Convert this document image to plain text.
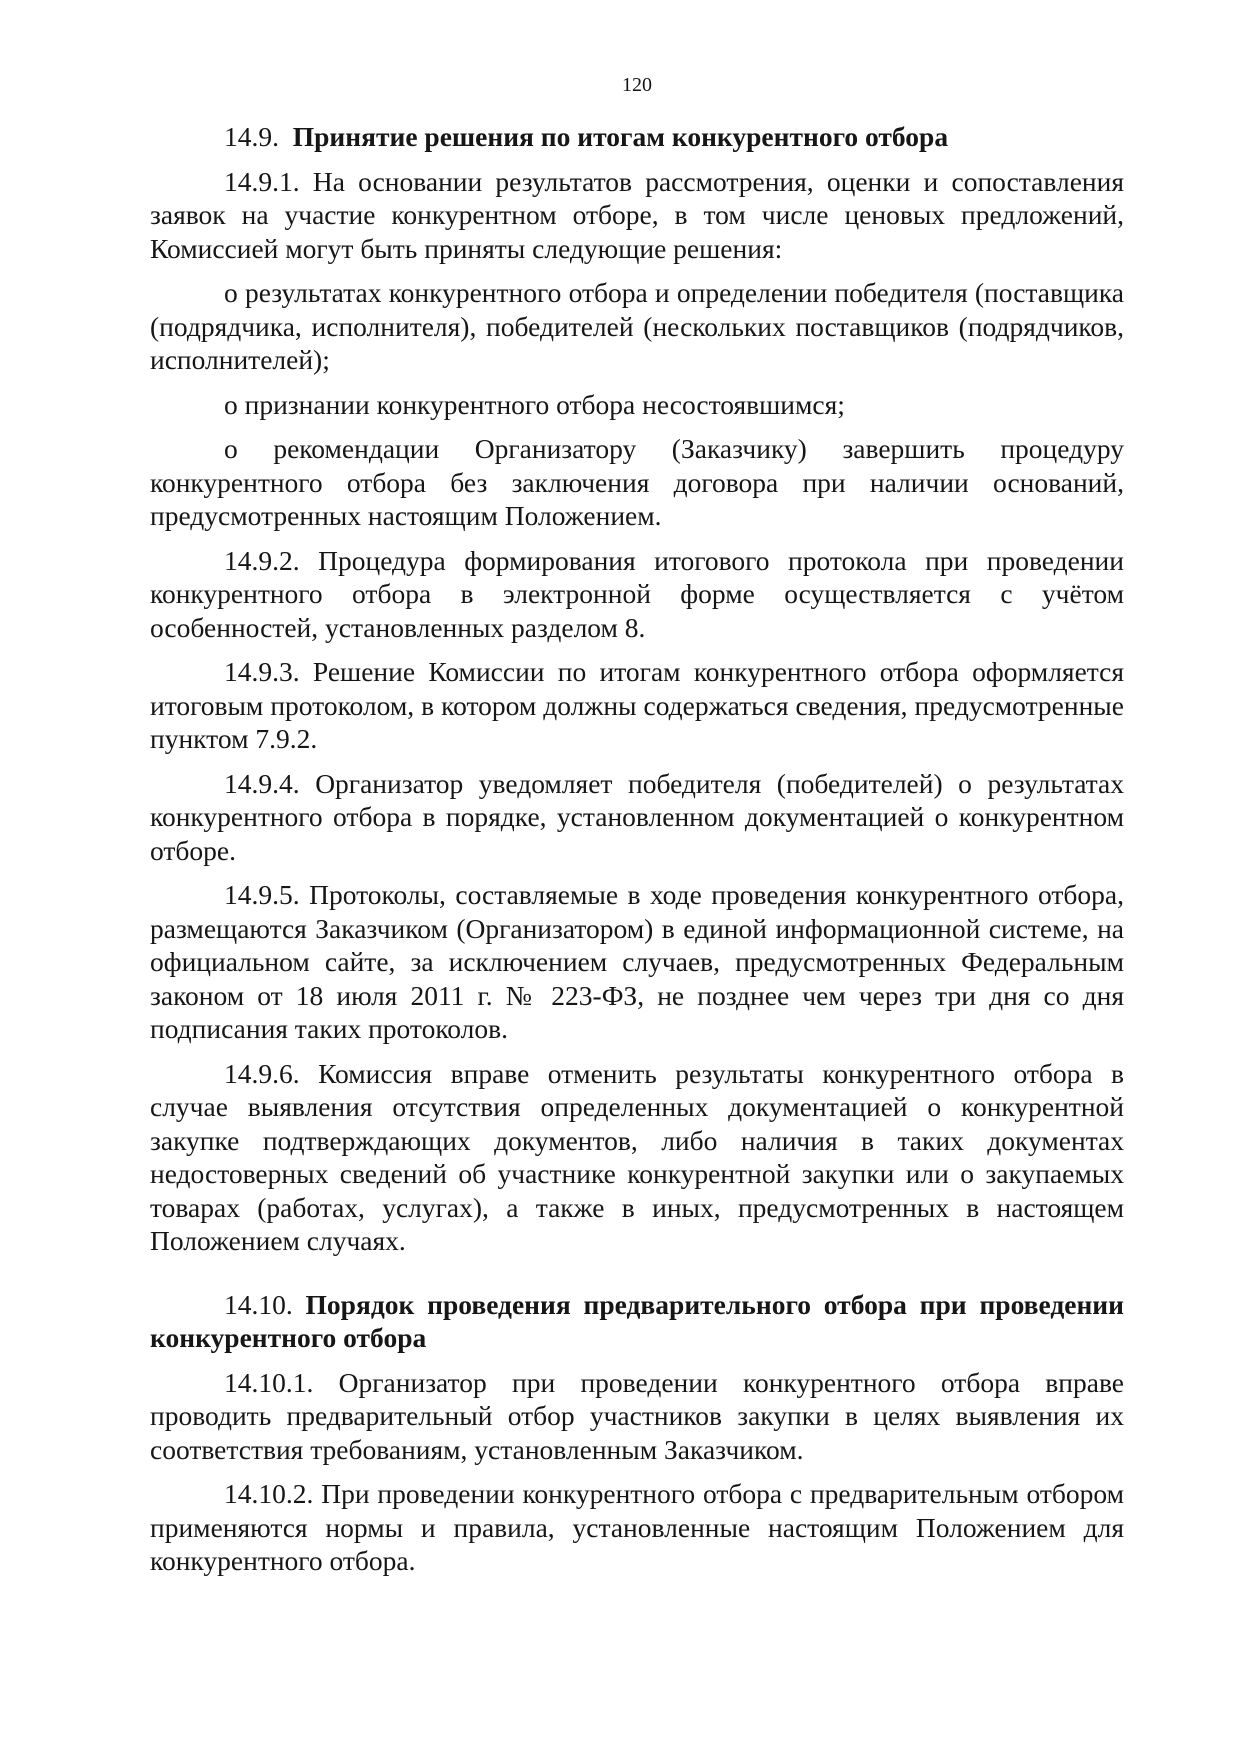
120
14.9. Принятие решения по итогам конкурентного отбора

14.9.1. На основании результатов рассмотрения, оценки и сопоставления заявок на участие конкурентном отборе, в том числе ценовых предложений, Комиссией могут быть приняты следующие решения:

о результатах конкурентного отбора и определении победителя (поставщика (подрядчика, исполнителя), победителей (нескольких поставщиков (подрядчиков, исполнителей);

о признании конкурентного отбора несостоявшимся;

о рекомендации Организатору (Заказчику) завершить процедуру конкурентного отбора без заключения договора при наличии оснований, предусмотренных настоящим Положением.

14.9.2. Процедура формирования итогового протокола при проведении конкурентного отбора в электронной форме осуществляется с учётом особенностей, установленных разделом 8.

14.9.3. Решение Комиссии по итогам конкурентного отбора оформляется итоговым протоколом, в котором должны содержаться сведения, предусмотренные пунктом 7.9.2.

14.9.4. Организатор уведомляет победителя (победителей) о результатах конкурентного отбора в порядке, установленном документацией о конкурентном отборе.

14.9.5. Протоколы, составляемые в ходе проведения конкурентного отбора, размещаются Заказчиком (Организатором) в единой информационной системе, на официальном сайте, за исключением случаев, предусмотренных Федеральным законом от 18 июля 2011 г. № 223-ФЗ, не позднее чем через три дня со дня подписания таких протоколов.

14.9.6. Комиссия вправе отменить результаты конкурентного отбора в случае выявления отсутствия определенных документацией о конкурентной закупке подтверждающих документов, либо наличия в таких документах недостоверных сведений об участнике конкурентной закупки или о закупаемых товарах (работах, услугах), а также в иных, предусмотренных в настоящем Положением случаях.

14.10. Порядок проведения предварительного отбора при проведении конкурентного отбора

14.10.1. Организатор при проведении конкурентного отбора вправе проводить предварительный отбор участников закупки в целях выявления их соответствия требованиям, установленным Заказчиком.

14.10.2. При проведении конкурентного отбора с предварительным отбором применяются нормы и правила, установленные настоящим Положением для конкурентного отбора.
